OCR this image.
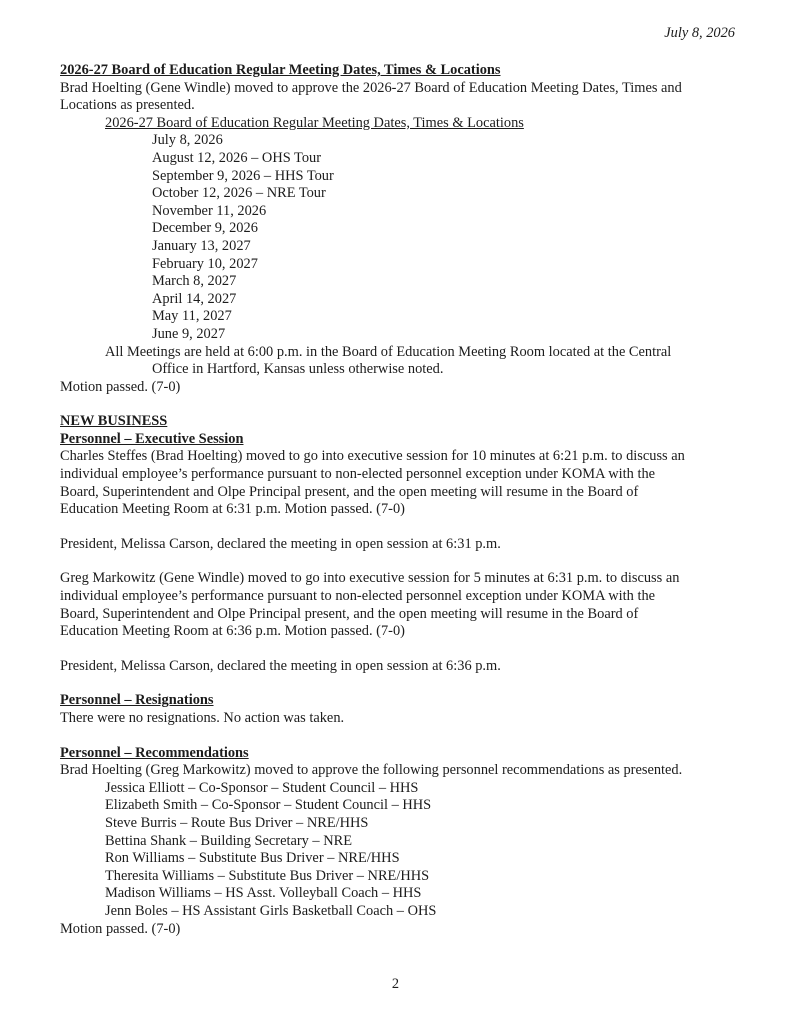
July 8, 2026
2026-27 Board of Education Regular Meeting Dates, Times & Locations
Brad Hoelting (Gene Windle) moved to approve the 2026-27 Board of Education Meeting Dates, Times and
Locations as presented.
2026-27 Board of Education Regular Meeting Dates, Times & Locations
July 8, 2026
August 12, 2026 – OHS Tour
September 9, 2026 – HHS Tour
October 12, 2026 – NRE Tour
November 11, 2026
December 9, 2026
January 13, 2027
February 10, 2027
March 8, 2027
April 14, 2027
May 11, 2027
June 9, 2027
All Meetings are held at 6:00 p.m. in the Board of Education Meeting Room located at the Central
Office in Hartford, Kansas unless otherwise noted.
Motion passed. (7-0)
NEW BUSINESS
Personnel – Executive Session
Charles Steffes (Brad Hoelting) moved to go into executive session for 10 minutes at 6:21 p.m. to discuss an
individual employee’s performance pursuant to non-elected personnel exception under KOMA with the
Board, Superintendent and Olpe Principal present, and the open meeting will resume in the Board of
Education Meeting Room at 6:31 p.m. Motion passed. (7-0)
President, Melissa Carson, declared the meeting in open session at 6:31 p.m.
Greg Markowitz (Gene Windle) moved to go into executive session for 5 minutes at 6:31 p.m. to discuss an
individual employee’s performance pursuant to non-elected personnel exception under KOMA with the
Board, Superintendent and Olpe Principal present, and the open meeting will resume in the Board of
Education Meeting Room at 6:36 p.m. Motion passed. (7-0)
President, Melissa Carson, declared the meeting in open session at 6:36 p.m.
Personnel – Resignations
There were no resignations. No action was taken.
Personnel – Recommendations
Brad Hoelting (Greg Markowitz) moved to approve the following personnel recommendations as presented.
Jessica Elliott – Co-Sponsor – Student Council – HHS
Elizabeth Smith – Co-Sponsor – Student Council – HHS
Steve Burris – Route Bus Driver – NRE/HHS
Bettina Shank – Building Secretary – NRE
Ron Williams – Substitute Bus Driver – NRE/HHS
Theresita Williams – Substitute Bus Driver – NRE/HHS
Madison Williams – HS Asst. Volleyball Coach – HHS
Jenn Boles – HS Assistant Girls Basketball Coach – OHS
Motion passed. (7-0)
2
